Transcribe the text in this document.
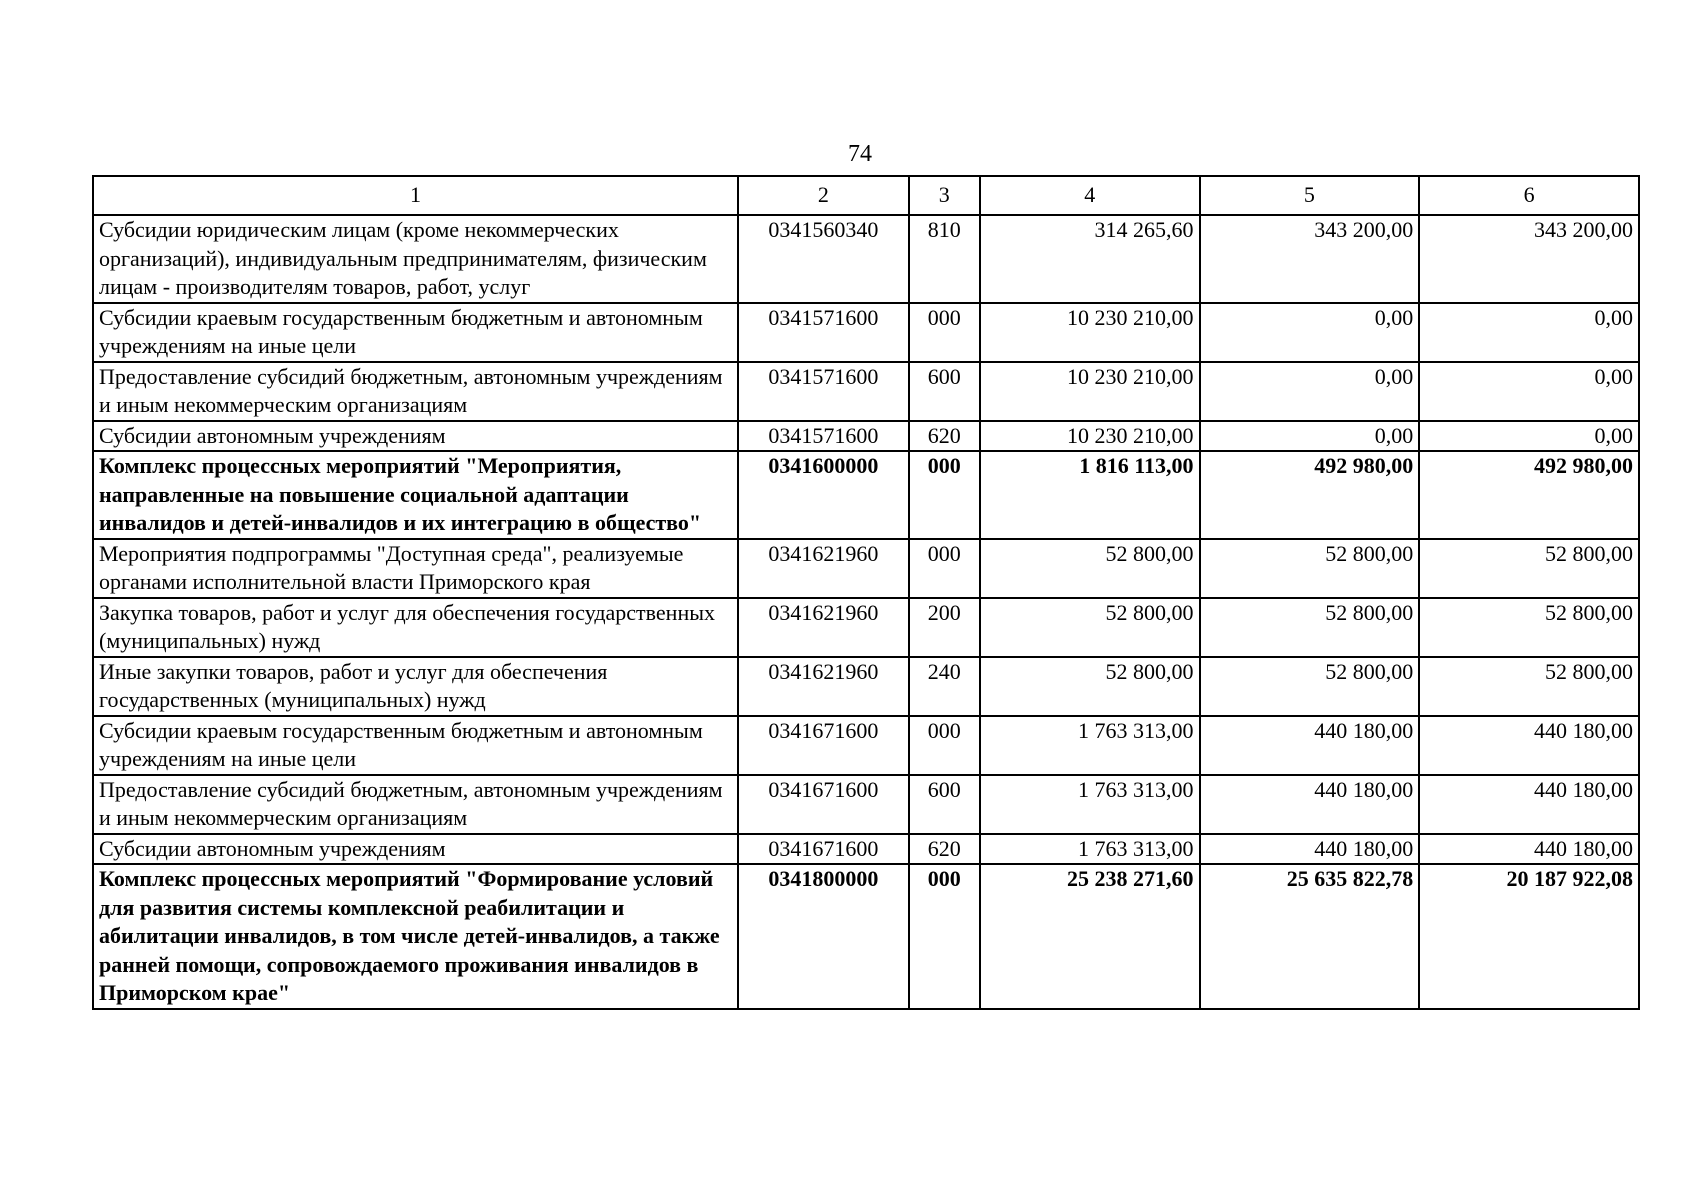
74
1	2	3	4	5	6
Субсидии юридическим лицам (кроме некоммерческих организаций), индивидуальным предпринимателям, физическим лицам - производителям товаров, работ, услуг	0341560340	810	314 265,60	343 200,00	343 200,00
Субсидии краевым государственным бюджетным и автономным учреждениям на иные цели	0341571600	000	10 230 210,00	0,00	0,00
Предоставление субсидий бюджетным, автономным учреждениям и иным некоммерческим организациям	0341571600	600	10 230 210,00	0,00	0,00
Субсидии автономным учреждениям	0341571600	620	10 230 210,00	0,00	0,00
Комплекс процессных мероприятий "Мероприятия, направленные на повышение социальной адаптации инвалидов и детей-инвалидов и их интеграцию в общество"	0341600000	000	1 816 113,00	492 980,00	492 980,00
Мероприятия подпрограммы "Доступная среда", реализуемые органами исполнительной власти Приморского края	0341621960	000	52 800,00	52 800,00	52 800,00
Закупка товаров, работ и услуг для обеспечения государственных (муниципальных) нужд	0341621960	200	52 800,00	52 800,00	52 800,00
Иные закупки товаров, работ и услуг для обеспечения государственных (муниципальных) нужд	0341621960	240	52 800,00	52 800,00	52 800,00
Субсидии краевым государственным бюджетным и автономным учреждениям на иные цели	0341671600	000	1 763 313,00	440 180,00	440 180,00
Предоставление субсидий бюджетным, автономным учреждениям и иным некоммерческим организациям	0341671600	600	1 763 313,00	440 180,00	440 180,00
Субсидии автономным учреждениям	0341671600	620	1 763 313,00	440 180,00	440 180,00
Комплекс процессных мероприятий "Формирование условий для развития системы комплексной реабилитации и абилитации инвалидов, в том числе детей-инвалидов, а также ранней помощи, сопровождаемого проживания инвалидов в Приморском крае"	0341800000	000	25 238 271,60	25 635 822,78	20 187 922,08
